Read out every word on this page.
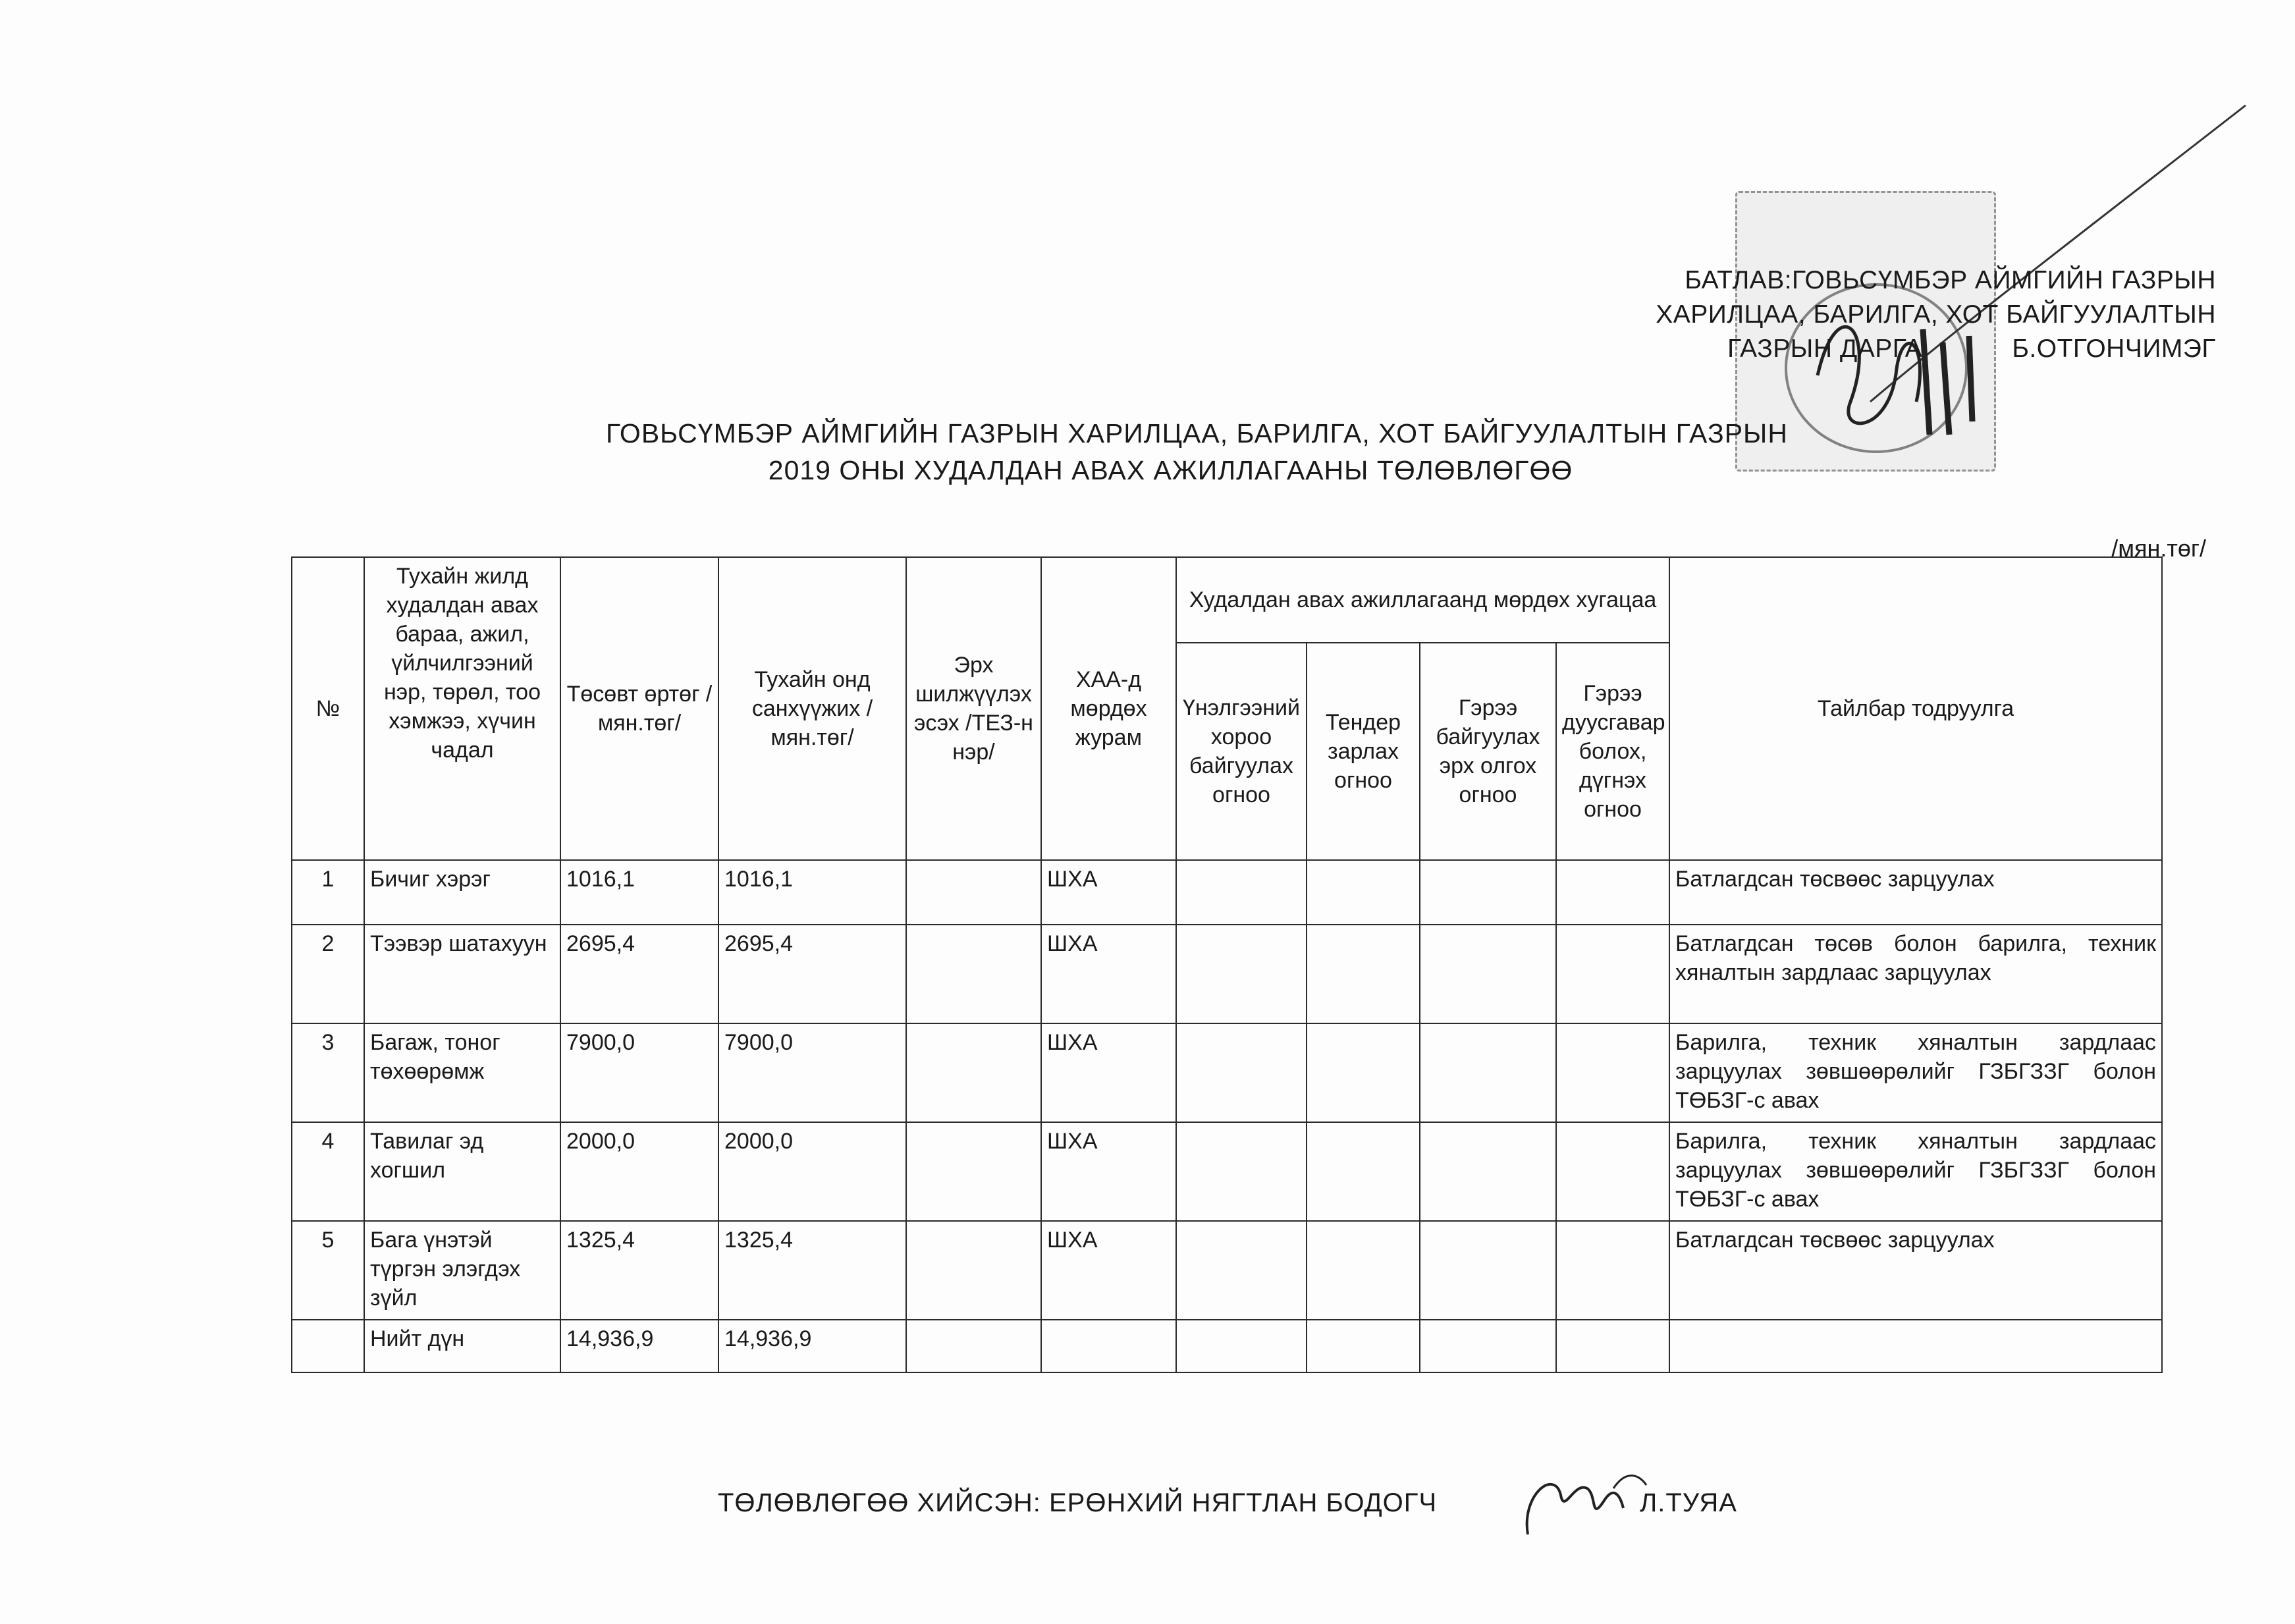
БАТЛАВ:ГОВЬСҮМБЭР АЙМГИЙН ГАЗРЫН
ХАРИЛЦАА, БАРИЛГА, ХОТ БАЙГУУЛАЛТЫН
ГАЗРЫН ДАРГА            Б.ОТГОНЧИМЭГ
ГОВЬСҮМБЭР АЙМГИЙН ГАЗРЫН ХАРИЛЦАА, БАРИЛГА, ХОТ БАЙГУУЛАЛТЫН ГАЗРЫН
2019 ОНЫ ХУДАЛДАН АВАХ АЖИЛЛАГААНЫ ТӨЛӨВЛӨГӨӨ
/мян.төг/
№	Тухайн жилд худалдан авах бараа, ажил, үйлчилгээний нэр, төрөл, тоо хэмжээ, хүчин чадал	Төсөвт өртөг /мян.төг/	Тухайн онд санхүүжих /мян.төг/	Эрх шилжүүлэх эсэх /ТЕЗ-н нэр/	ХАА-д мөрдөх журам	Худалдан авах ажиллагаанд мөрдөх хугацаа				Тайлбар тодруулга
						Үнэлгээний хороо байгуулах огноо	Тендер зарлах огноо	Гэрээ байгуулах эрх олгох огноо	Гэрээ дуусгавар болох, дүгнэх огноо	
1	Бичиг хэрэг	1016,1	1016,1		ШХА					Батлагдсан төсвөөс зарцуулах
2	Тээвэр шатахуун	2695,4	2695,4		ШХА					Батлагдсан төсөв болон барилга, техник хяналтын зардлаас зарцуулах
3	Багаж, тоног төхөөрөмж	7900,0	7900,0		ШХА					Барилга, техник хяналтын зардлаас зарцуулах зөвшөөрөлийг ГЗБГЗЗГ болон ТӨБЗГ-с авах
4	Тавилаг эд хогшил	2000,0	2000,0		ШХА					Барилга, техник хяналтын зардлаас зарцуулах зөвшөөрөлийг ГЗБГЗЗГ болон ТӨБЗГ-с авах
5	Бага үнэтэй түргэн элэгдэх зүйл	1325,4	1325,4		ШХА					Батлагдсан төсвөөс зарцуулах
	Нийт дүн	14,936,9	14,936,9							
ТӨЛӨВЛӨГӨӨ ХИЙСЭН: ЕРӨНХИЙ НЯГТЛАН БОДОГЧ	Л.ТУЯА
